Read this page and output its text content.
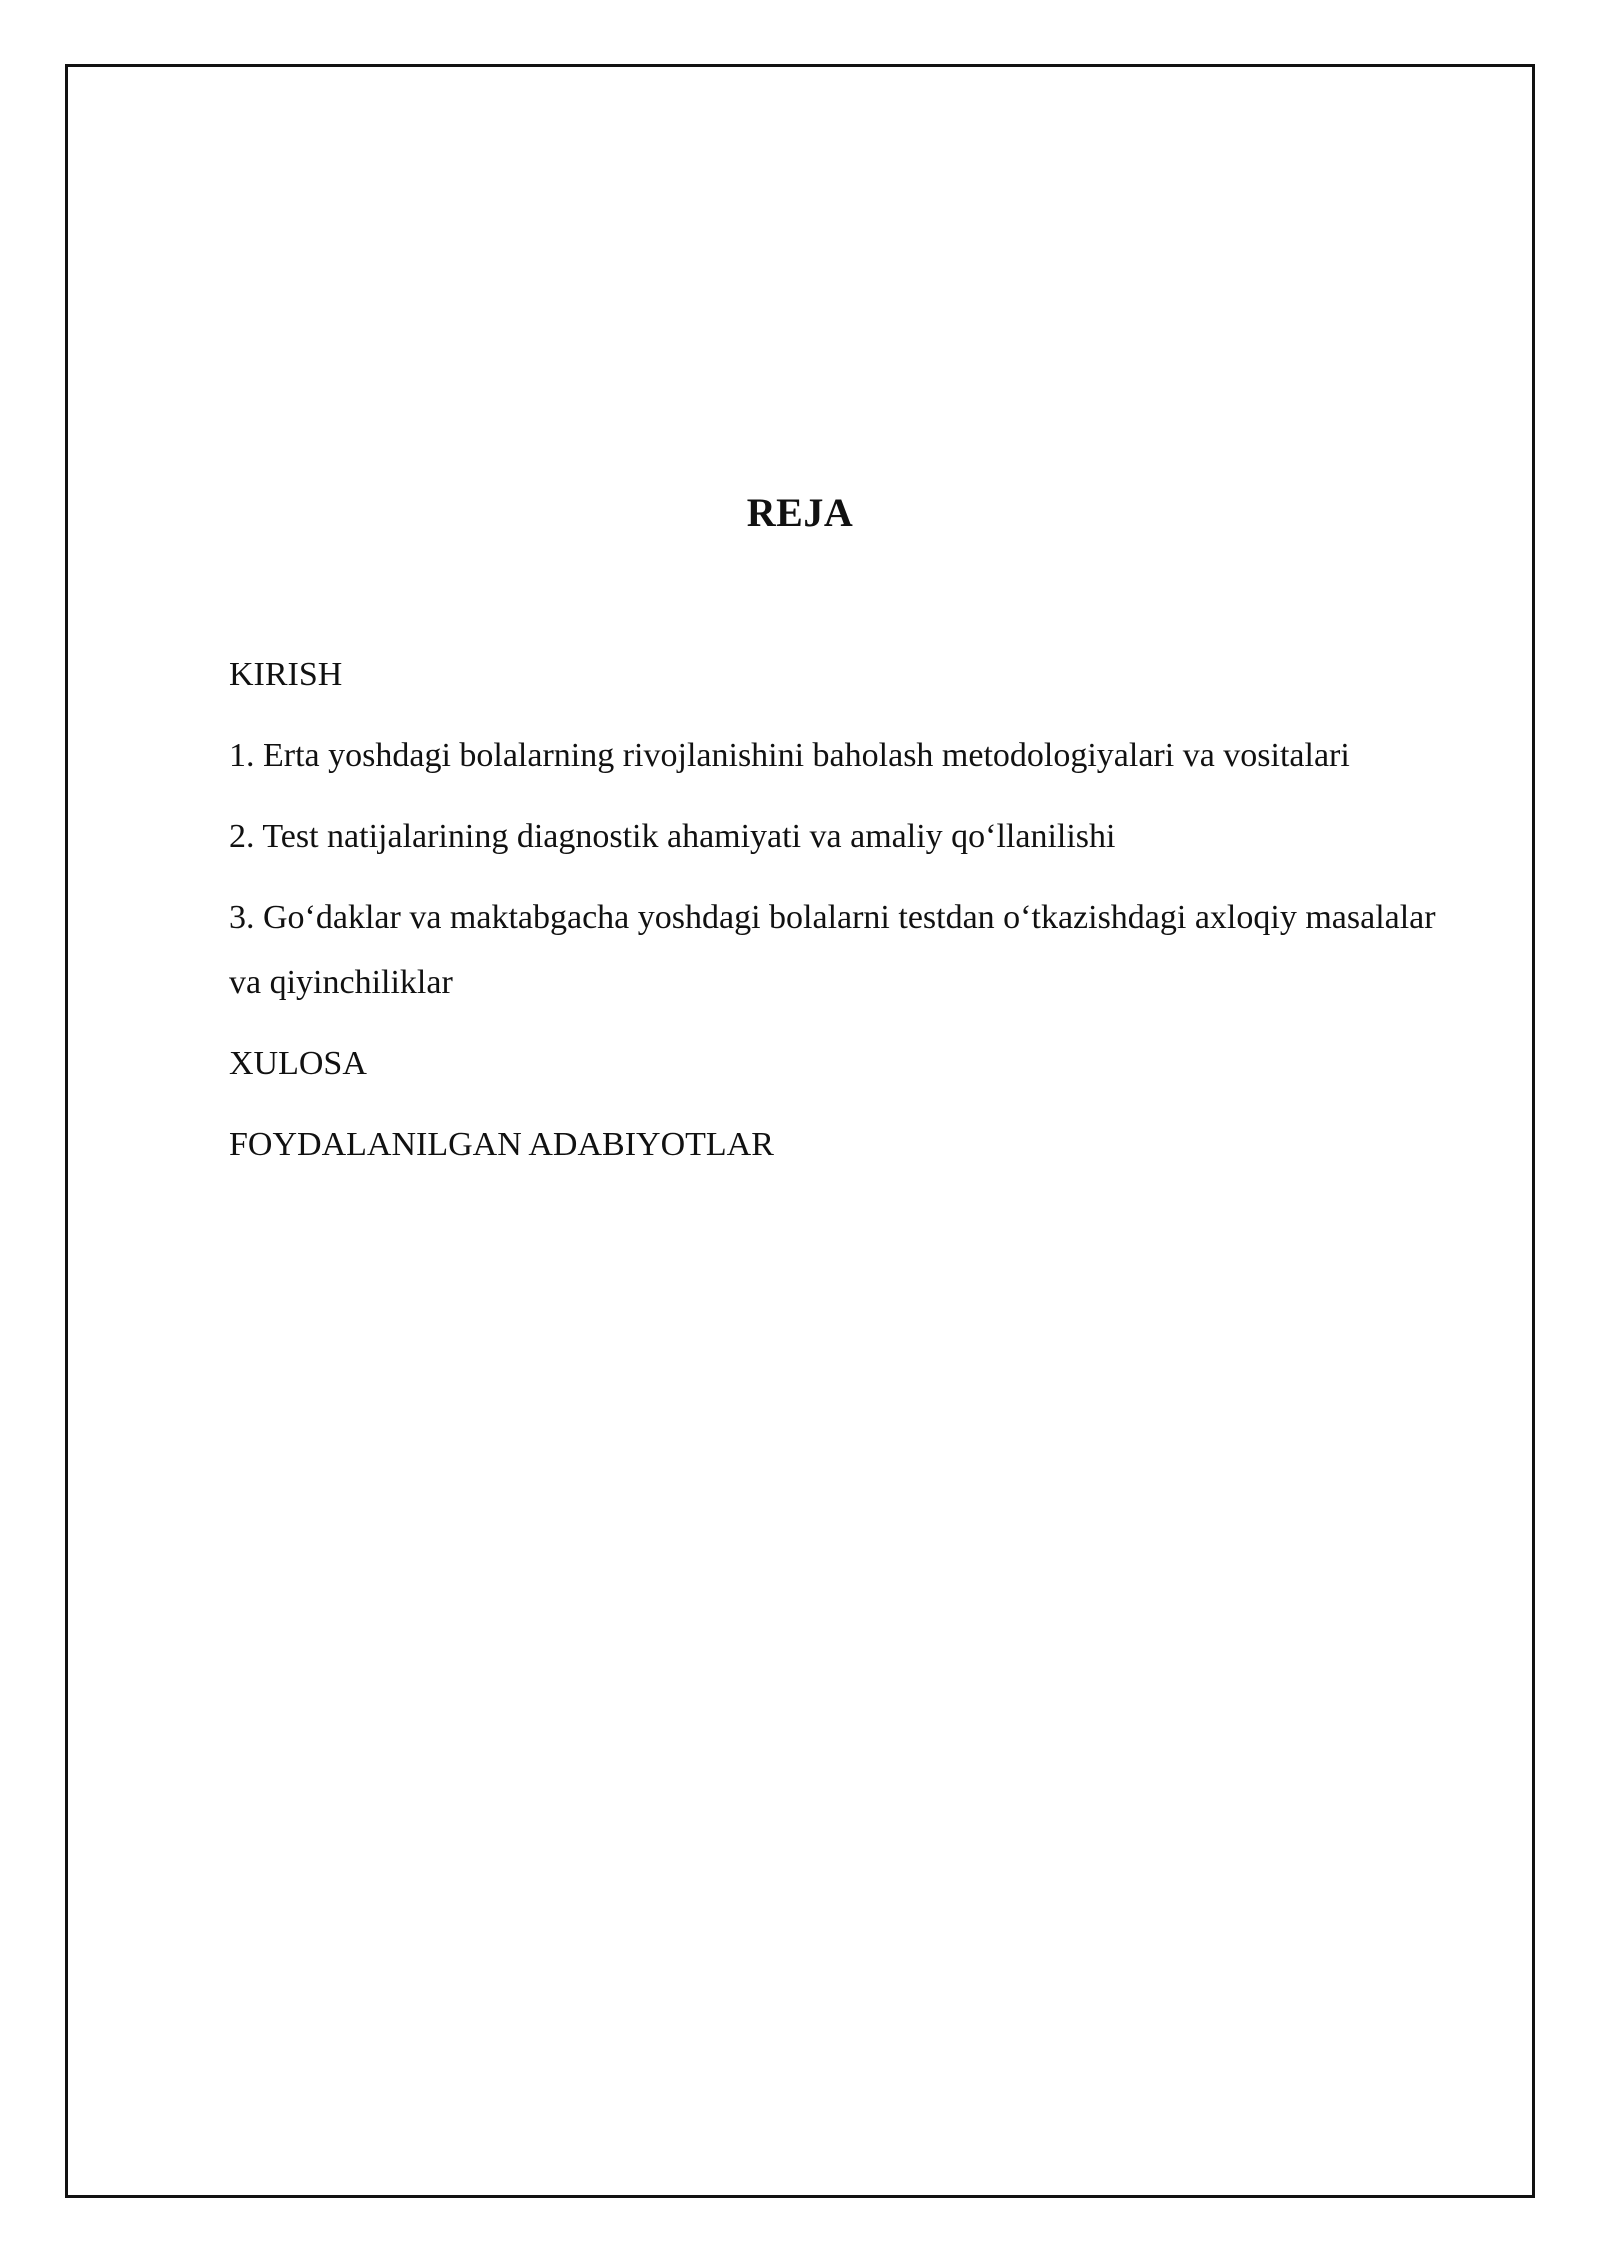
REJA
KIRISH
1. Erta yoshdagi bolalarning rivojlanishini baholash metodologiyalari va vositalari
2. Test natijalarining diagnostik ahamiyati va amaliy qo‘llanilishi
3. Go‘daklar va maktabgacha yoshdagi bolalarni testdan o‘tkazishdagi axloqiy masalalar va qiyinchiliklar
XULOSA
FOYDALANILGAN ADABIYOTLAR
